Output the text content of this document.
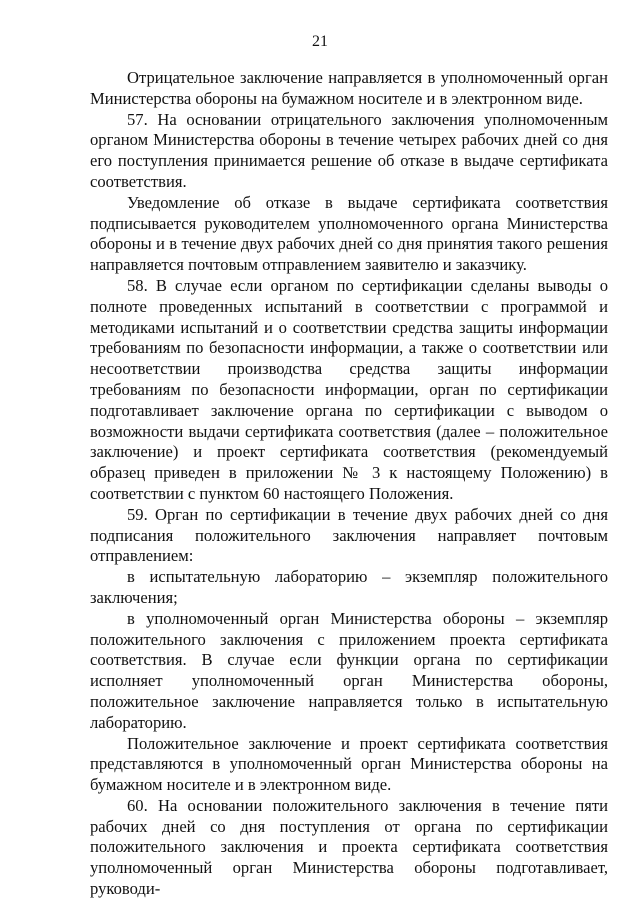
21

Отрицательное заключение направляется в уполномоченный орган Министерства обороны на бумажном носителе и в электронном виде.

57. На основании отрицательного заключения уполномоченным органом Министерства обороны в течение четырех рабочих дней со дня его поступления принимается решение об отказе в выдаче сертификата соответствия.

Уведомление об отказе в выдаче сертификата соответствия подписывается руководителем уполномоченного органа Министерства обороны и в течение двух рабочих дней со дня принятия такого решения направляется почтовым отправлением заявителю и заказчику.

58. В случае если органом по сертификации сделаны выводы о полноте проведенных испытаний в соответствии с программой и методиками испытаний и о соответствии средства защиты информации требованиям по безопасности информации, а также о соответствии или несоответствии производства средства защиты информации требованиям по безопасности информации, орган по сертификации подготавливает заключение органа по сертификации с выводом о возможности выдачи сертификата соответствия (далее – положительное заключение) и проект сертификата соответствия (рекомендуемый образец приведен в приложении № 3 к настоящему Положению) в соответствии с пунктом 60 настоящего Положения.

59. Орган по сертификации в течение двух рабочих дней со дня подписания положительного заключения направляет почтовым отправлением:

в испытательную лабораторию – экземпляр положительного заключения;

в уполномоченный орган Министерства обороны – экземпляр положительного заключения с приложением проекта сертификата соответствия. В случае если функции органа по сертификации исполняет уполномоченный орган Министерства обороны, положительное заключение направляется только в испытательную лабораторию.

Положительное заключение и проект сертификата соответствия представляются в уполномоченный орган Министерства обороны на бумажном носителе и в электронном виде.

60. На основании положительного заключения в течение пяти рабочих дней со дня поступления от органа по сертификации положительного заключения и проекта сертификата соответствия уполномоченный орган Министерства обороны подготавливает, руководи-
